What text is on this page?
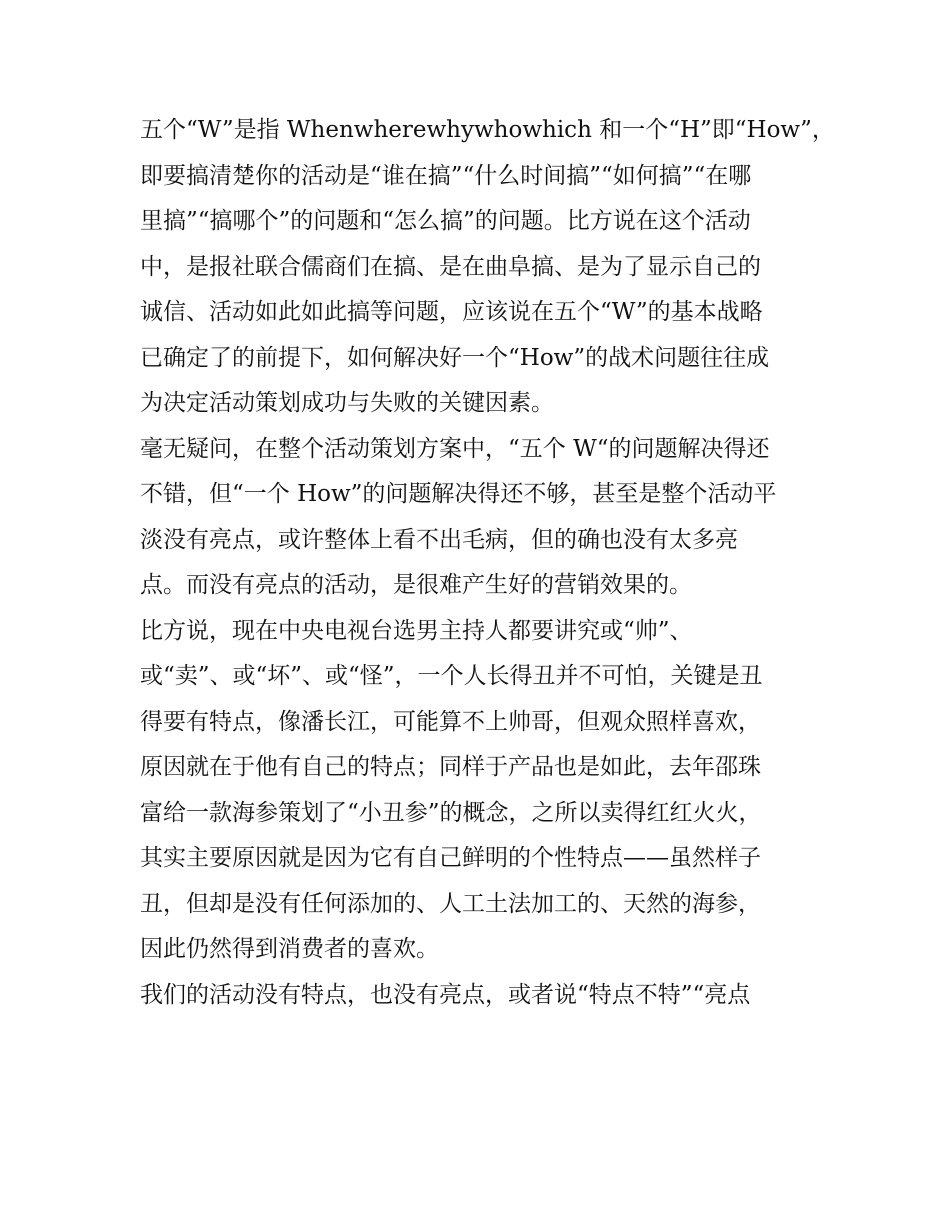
五个“W”是指 Whenwherewhywhowhich 和一个“H”即“How”，
即要搞清楚你的活动是“谁在搞”“什么时间搞”“如何搞”“在哪
里搞”“搞哪个”的问题和“怎么搞”的问题。比方说在这个活动
中，是报社联合儒商们在搞、是在曲阜搞、是为了显示自己的
诚信、活动如此如此搞等问题，应该说在五个“W”的基本战略
已确定了的前提下，如何解决好一个“How”的战术问题往往成
为决定活动策划成功与失败的关键因素。
毫无疑问，在整个活动策划方案中，“五个 W“的问题解决得还
不错，但“一个 How”的问题解决得还不够，甚至是整个活动平
淡没有亮点，或许整体上看不出毛病，但的确也没有太多亮
点。而没有亮点的活动，是很难产生好的营销效果的。
比方说，现在中央电视台选男主持人都要讲究或“帅”、
或“卖”、或“坏”、或“怪”，一个人长得丑并不可怕，关键是丑
得要有特点，像潘长江，可能算不上帅哥，但观众照样喜欢，
原因就在于他有自己的特点；同样于产品也是如此，去年邵珠
富给一款海参策划了“小丑参”的概念，之所以卖得红红火火，
其实主要原因就是因为它有自己鲜明的个性特点——虽然样子
丑，但却是没有任何添加的、人工土法加工的、天然的海参，
因此仍然得到消费者的喜欢。
我们的活动没有特点，也没有亮点，或者说“特点不特”“亮点
